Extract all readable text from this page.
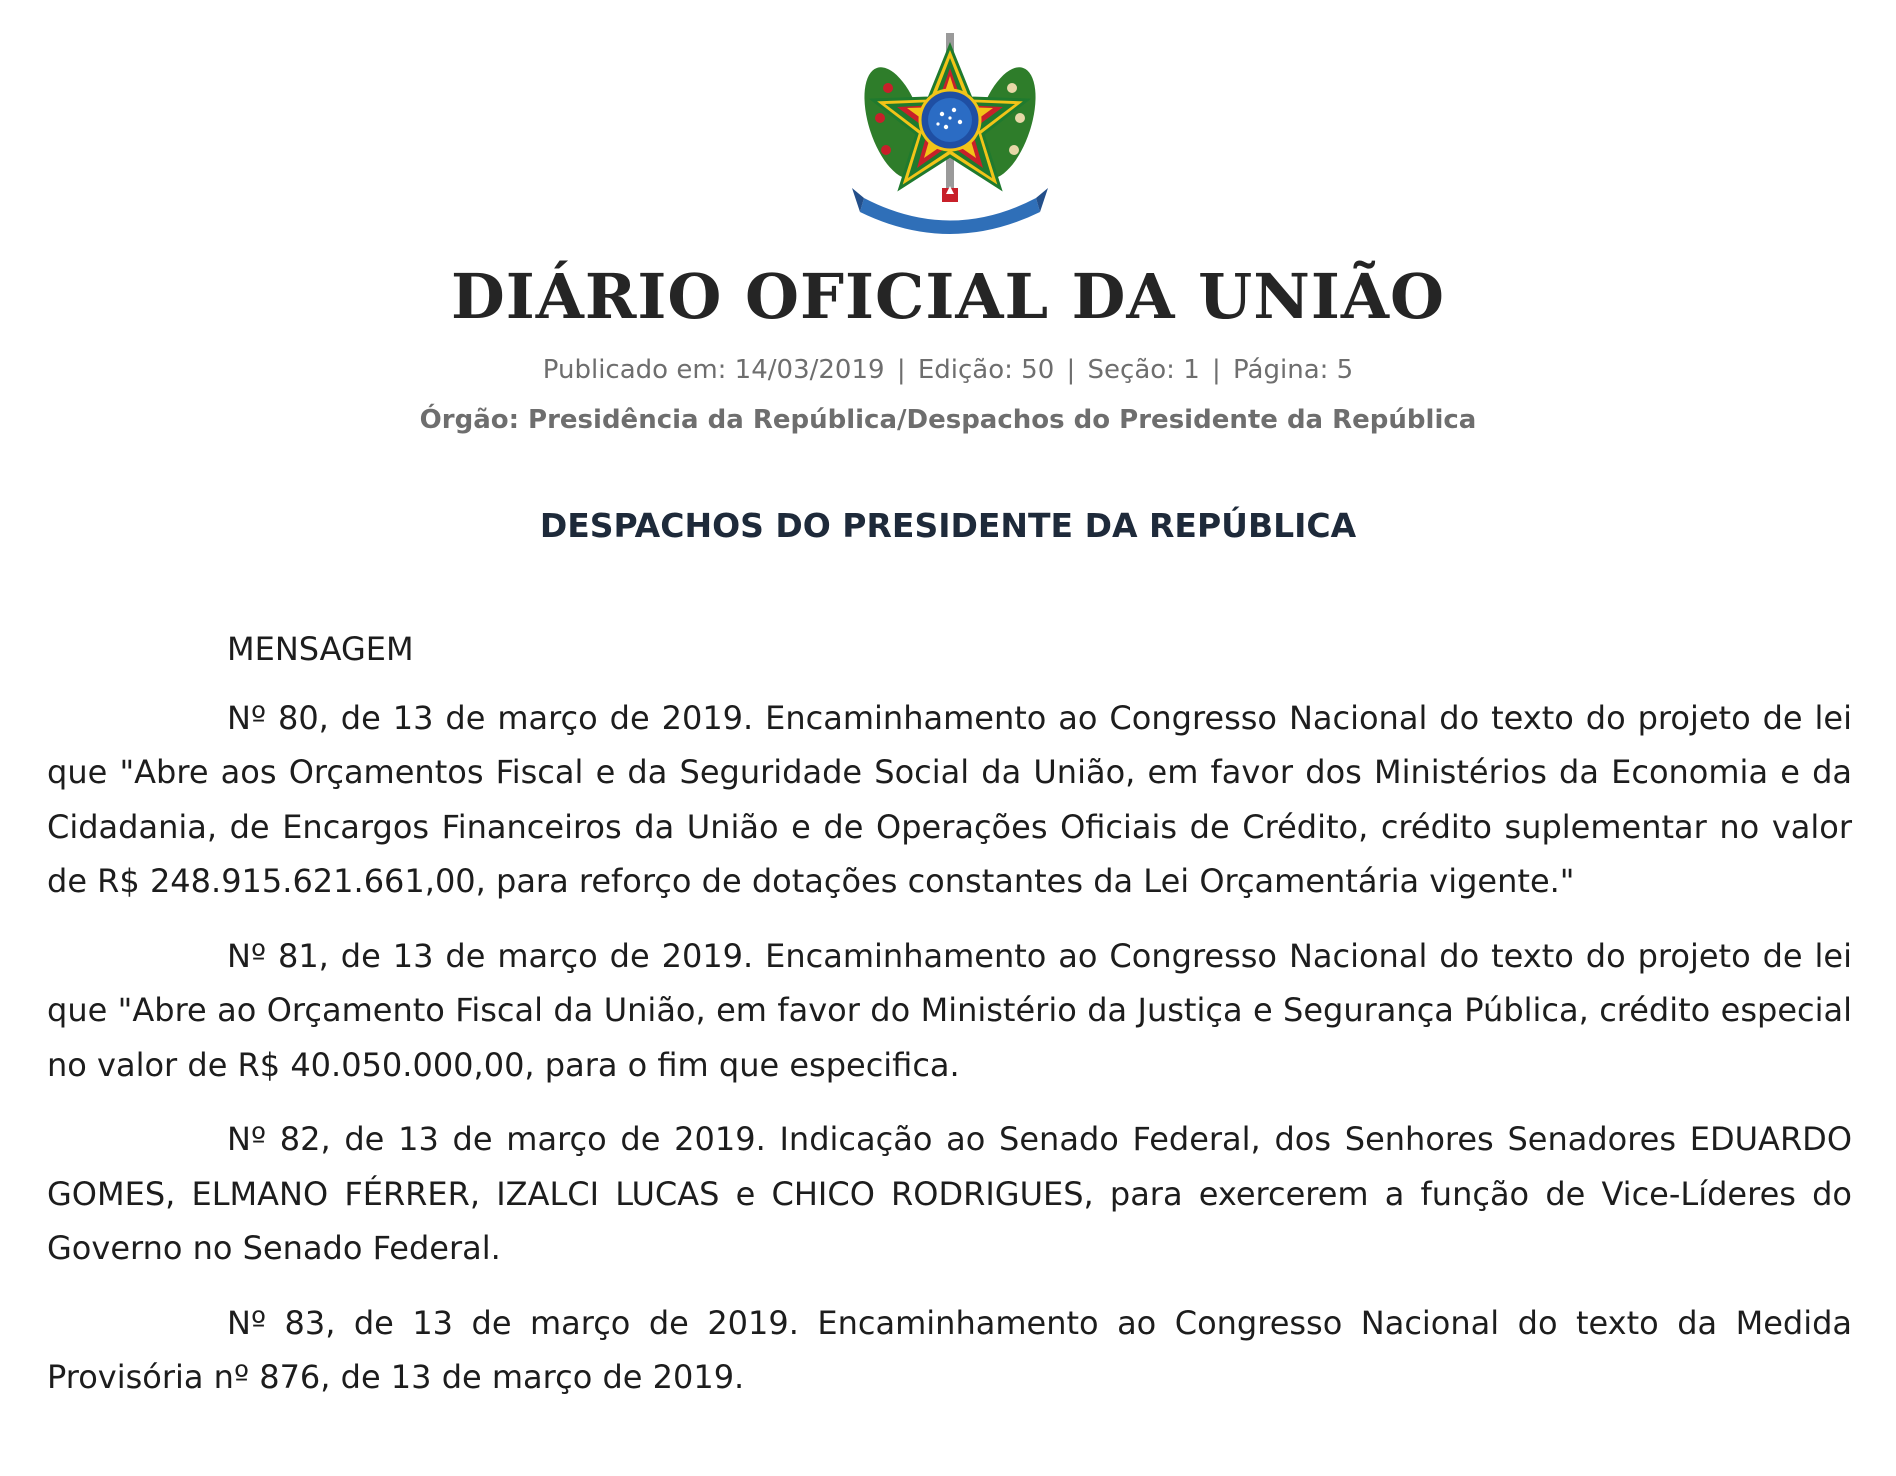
DIÁRIO OFICIAL DA UNIÃO
Publicado em: 14/03/2019 | Edição: 50 | Seção: 1 | Página: 5
Órgão: Presidência da República/Despachos do Presidente da República
DESPACHOS DO PRESIDENTE DA REPÚBLICA

MENSAGEM

Nº 80, de 13 de março de 2019. Encaminhamento ao Congresso Nacional do texto do projeto de lei que "Abre aos Orçamentos Fiscal e da Seguridade Social da União, em favor dos Ministérios da Economia e da Cidadania, de Encargos Financeiros da União e de Operações Oficiais de Crédito, crédito suplementar no valor de R$ 248.915.621.661,00, para reforço de dotações constantes da Lei Orçamentária vigente."

Nº 81, de 13 de março de 2019. Encaminhamento ao Congresso Nacional do texto do projeto de lei que "Abre ao Orçamento Fiscal da União, em favor do Ministério da Justiça e Segurança Pública, crédito especial no valor de R$ 40.050.000,00, para o fim que especifica.

Nº 82, de 13 de março de 2019. Indicação ao Senado Federal, dos Senhores Senadores EDUARDO GOMES, ELMANO FÉRRER, IZALCI LUCAS e CHICO RODRIGUES, para exercerem a função de Vice-Líderes do Governo no Senado Federal.

Nº 83, de 13 de março de 2019. Encaminhamento ao Congresso Nacional do texto da Medida Provisória nº 876, de 13 de março de 2019.
